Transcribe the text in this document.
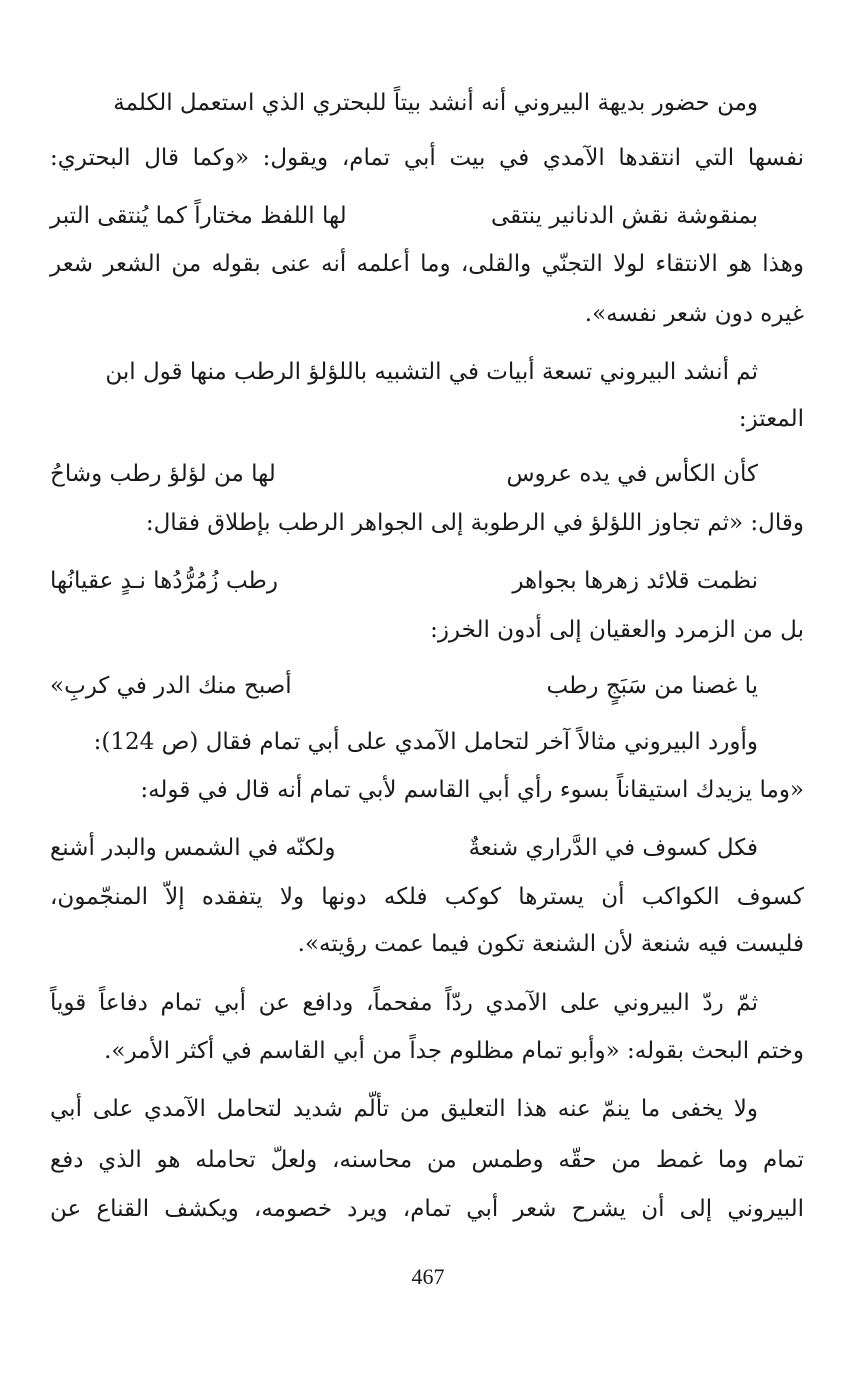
ومن حضور بديهة البيروني أنه أنشد بيتاً للبحتري الذي استعمل الكلمة
نفسها التي انتقدها الآمدي في بيت أبي تمام، ويقول: «وكما قال البحتري:
بمنقوشة نقش الدنانير ينتقى
لها اللفظ مختاراً كما يُنتقى التبر
وهذا هو الانتقاء لولا التجنّي والقلى، وما أعلمه أنه عنى بقوله من الشعر شعر
غيره دون شعر نفسه».
ثم أنشد البيروني تسعة أبيات في التشبيه باللؤلؤ الرطب منها قول ابن
المعتز:
كأن الكأس في يده عروس
لها من لؤلؤ رطب وشاحُ
وقال: «ثم تجاوز اللؤلؤ في الرطوبة إلى الجواهر الرطب بإطلاق فقال:
نظمت قلائد زهرها بجواهر
رطب زُمُرُّدُها نـدٍ عقيانُها
بل من الزمرد والعقيان إلى أدون الخرز:
يا غصنا من سَبَجٍ رطب
أصبح منك الدر في كربِ»
وأورد البيروني مثالاً آخر لتحامل الآمدي على أبي تمام فقال (ص 124):
«وما يزيدك استيقاناً بسوء رأي أبي القاسم لأبي تمام أنه قال في قوله:
فكل كسوف في الدَّراري شنعةٌ
ولكنّه في الشمس والبدر أشنع
كسوف الكواكب أن يسترها كوكب فلكه دونها ولا يتفقده إلاّ المنجّمون،
فليست فيه شنعة لأن الشنعة تكون فيما عمت رؤيته».
ثمّ ردّ البيروني على الآمدي ردّاً مفحماً، ودافع عن أبي تمام دفاعاً قوياً
وختم البحث بقوله: «وأبو تمام مظلوم جداً من أبي القاسم في أكثر الأمر».
ولا يخفى ما ينمّ عنه هذا التعليق من تألّم شديد لتحامل الآمدي على أبي
تمام وما غمط من حقّه وطمس من محاسنه، ولعلّ تحامله هو الذي دفع
البيروني إلى أن يشرح شعر أبي تمام، ويرد خصومه، ويكشف القناع عن
467
